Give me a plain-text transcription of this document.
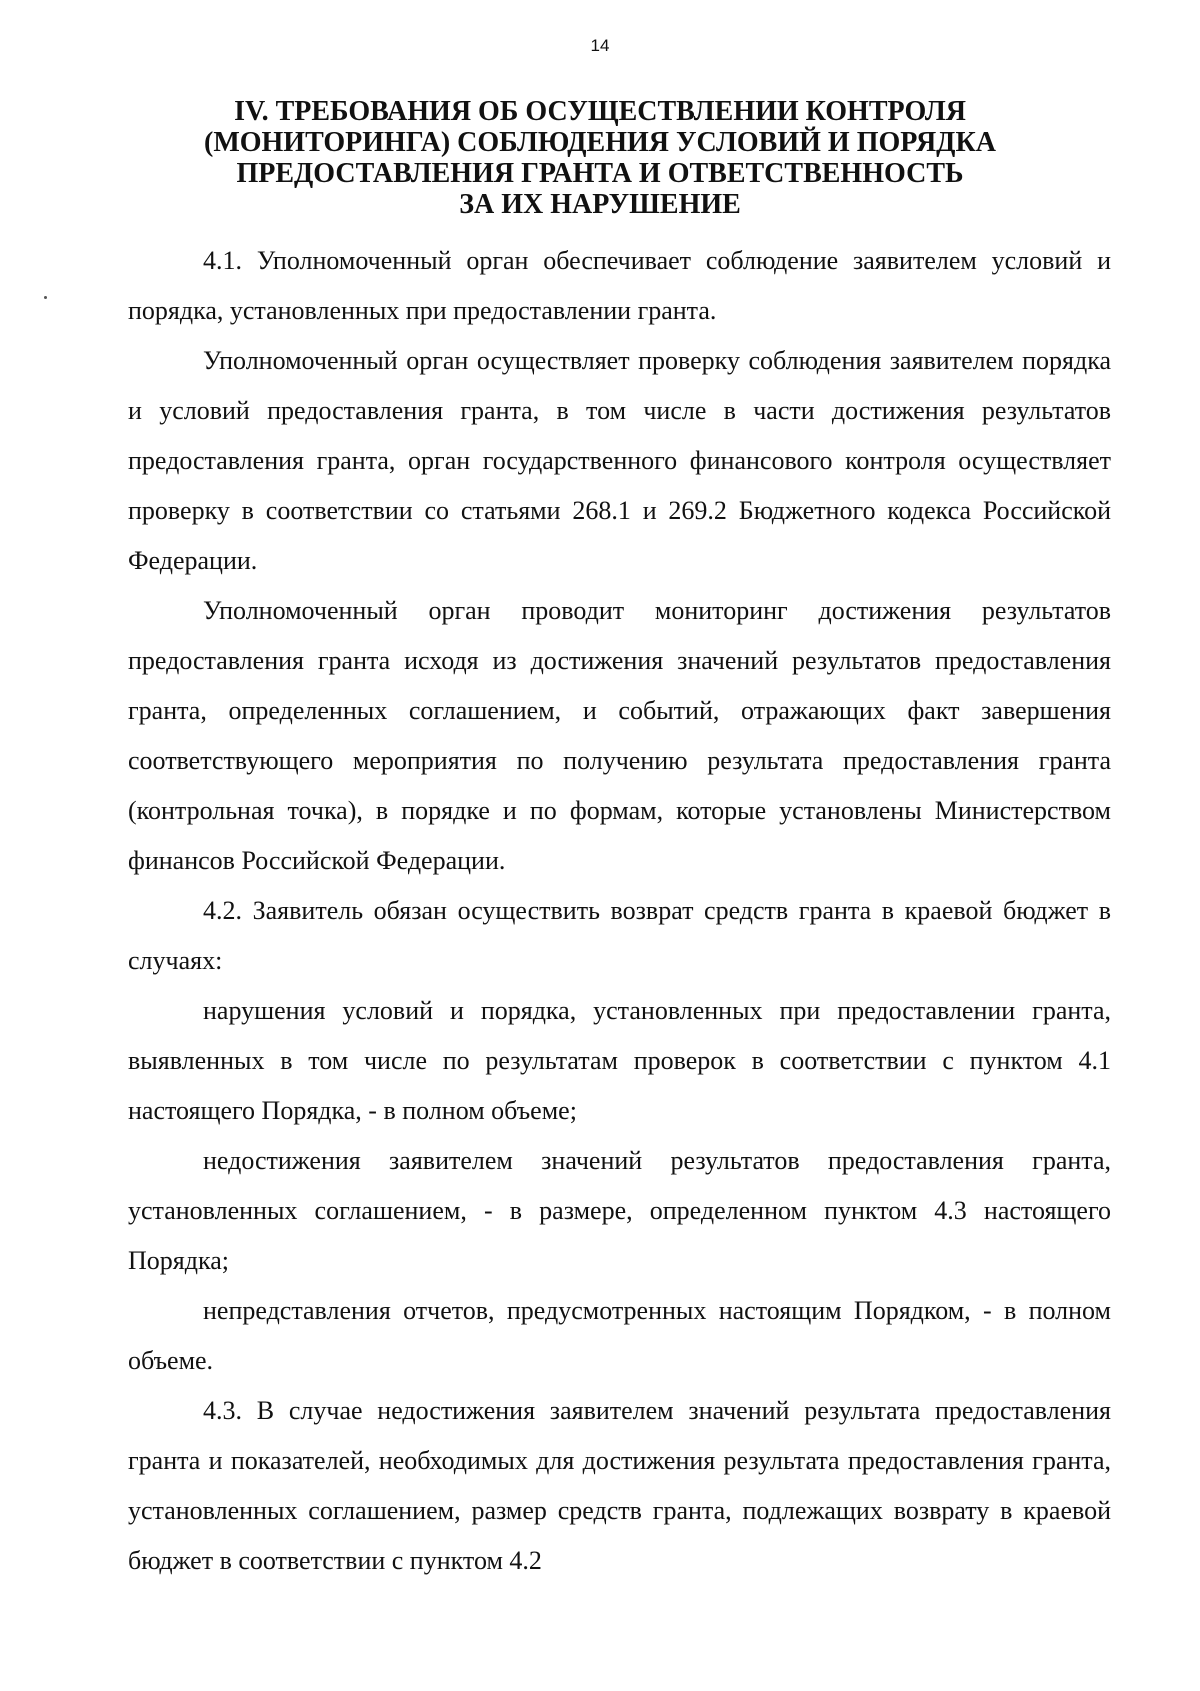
14
IV. ТРЕБОВАНИЯ ОБ ОСУЩЕСТВЛЕНИИ КОНТРОЛЯ
(МОНИТОРИНГА) СОБЛЮДЕНИЯ УСЛОВИЙ И ПОРЯДКА
ПРЕДОСТАВЛЕНИЯ ГРАНТА И ОТВЕТСТВЕННОСТЬ
ЗА ИХ НАРУШЕНИЕ

4.1. Уполномоченный орган обеспечивает соблюдение заявителем условий и порядка, установленных при предоставлении гранта.

Уполномоченный орган осуществляет проверку соблюдения заявителем порядка и условий предоставления гранта, в том числе в части достижения результатов предоставления гранта, орган государственного финансового контроля осуществляет проверку в соответствии со статьями 268.1 и 269.2 Бюджетного кодекса Российской Федерации.

Уполномоченный орган проводит мониторинг достижения результатов предоставления гранта исходя из достижения значений результатов предоставления гранта, определенных соглашением, и событий, отражающих факт завершения соответствующего мероприятия по получению результата предоставления гранта (контрольная точка), в порядке и по формам, которые установлены Министерством финансов Российской Федерации.

4.2. Заявитель обязан осуществить возврат средств гранта в краевой бюджет в случаях:

нарушения условий и порядка, установленных при предоставлении гранта, выявленных в том числе по результатам проверок в соответствии с пунктом 4.1 настоящего Порядка, - в полном объеме;

недостижения заявителем значений результатов предоставления гранта, установленных соглашением, - в размере, определенном пунктом 4.3 настоящего Порядка;

непредставления отчетов, предусмотренных настоящим Порядком, - в полном объеме.

4.3. В случае недостижения заявителем значений результата предоставления гранта и показателей, необходимых для достижения результата предоставления гранта, установленных соглашением, размер средств гранта, подлежащих возврату в краевой бюджет в соответствии с пунктом 4.2
